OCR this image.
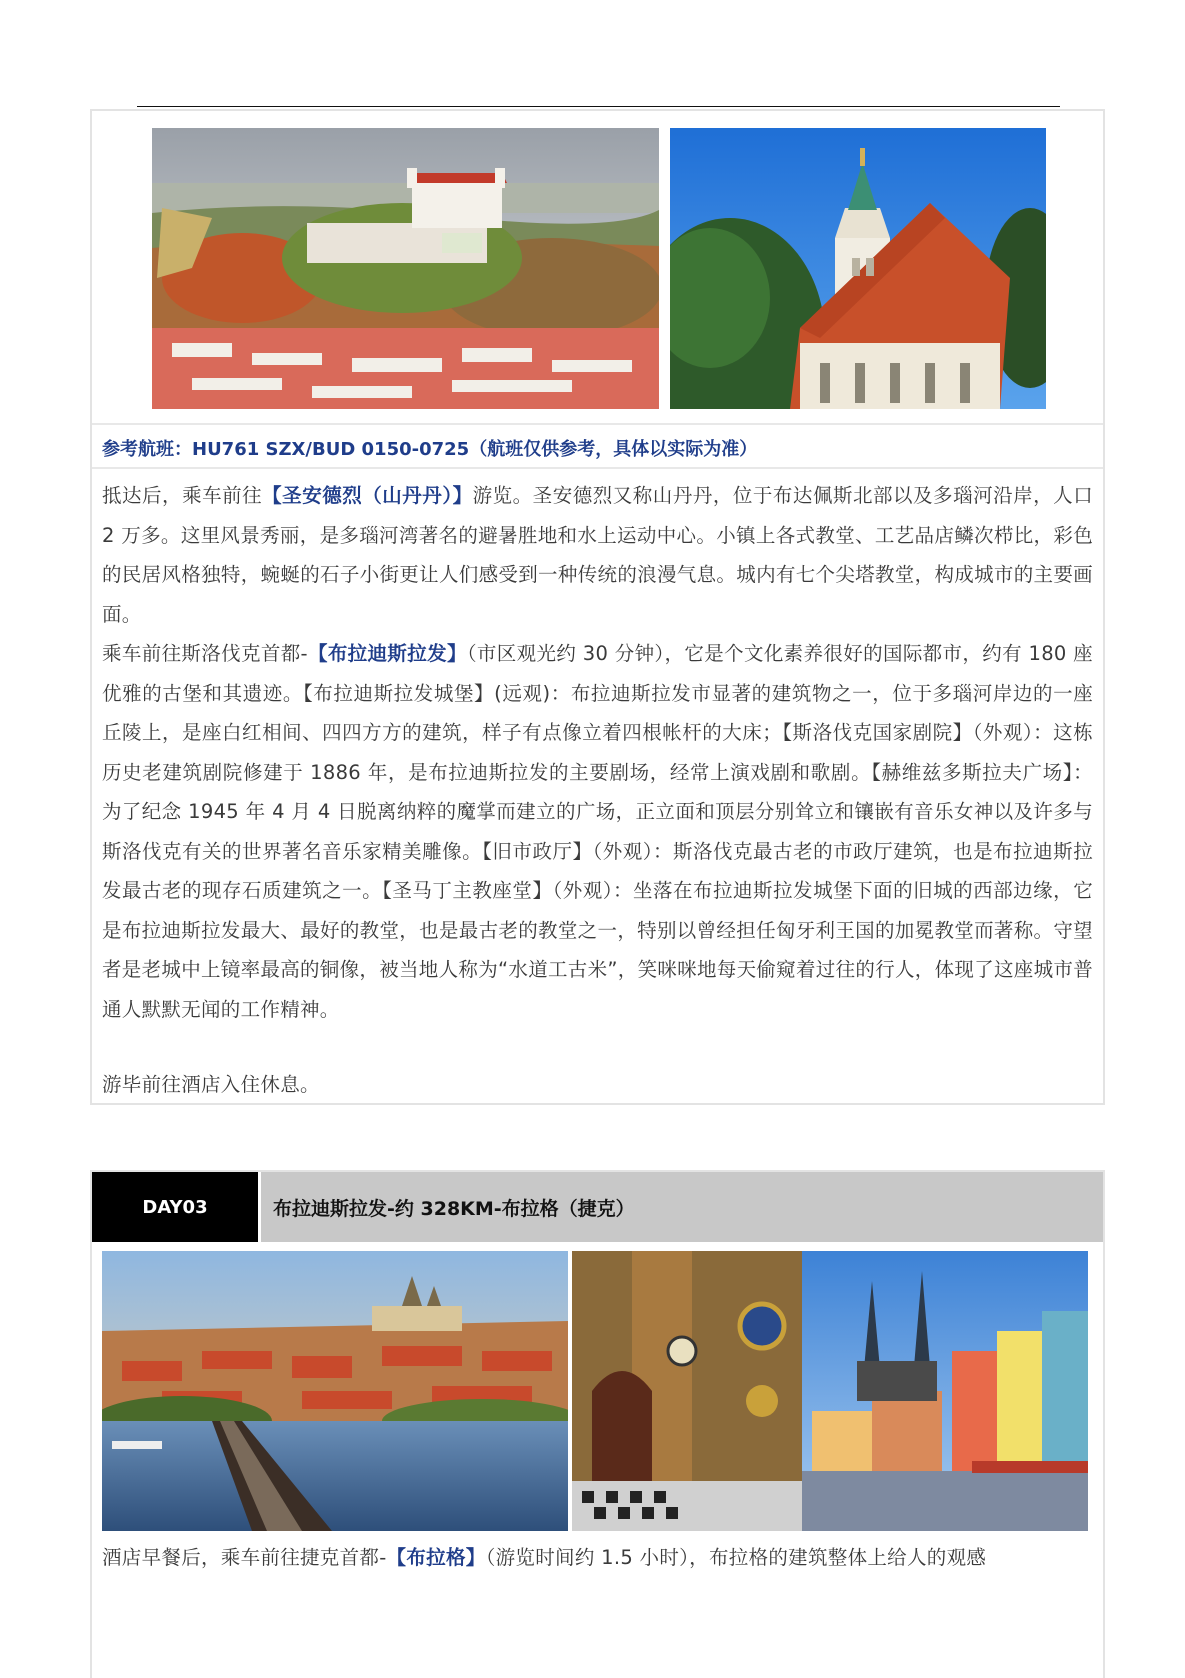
参考航班：HU761 SZX/BUD 0150-0725（航班仅供参考，具体以实际为准）
抵达后，乘车前往【圣安德烈（山丹丹）】游览。圣安德烈又称山丹丹，位于布达佩斯北部以及多瑙河沿岸，人口 2 万多。这里风景秀丽，是多瑙河湾著名的避暑胜地和水上运动中心。小镇上各式教堂、工艺品店鳞次栉比，彩色的民居风格独特，蜿蜒的石子小街更让人们感受到一种传统的浪漫气息。城内有七个尖塔教堂，构成城市的主要画面。
乘车前往斯洛伐克首都-【布拉迪斯拉发】（市区观光约 30 分钟），它是个文化素养很好的国际都市，约有 180 座优雅的古堡和其遗迹。【布拉迪斯拉发城堡】(远观)：布拉迪斯拉发市显著的建筑物之一，位于多瑙河岸边的一座丘陵上，是座白红相间、四四方方的建筑，样子有点像立着四根帐杆的大床；【斯洛伐克国家剧院】（外观）：这栋历史老建筑剧院修建于 1886 年，是布拉迪斯拉发的主要剧场，经常上演戏剧和歌剧。【赫维兹多斯拉夫广场】：为了纪念 1945 年 4 月 4 日脱离纳粹的魔掌而建立的广场，正立面和顶层分别耸立和镶嵌有音乐女神以及许多与斯洛伐克有关的世界著名音乐家精美雕像。【旧市政厅】（外观）：斯洛伐克最古老的市政厅建筑，也是布拉迪斯拉发最古老的现存石质建筑之一。【圣马丁主教座堂】（外观）：坐落在布拉迪斯拉发城堡下面的旧城的西部边缘，它是布拉迪斯拉发最大、最好的教堂，也是最古老的教堂之一，特别以曾经担任匈牙利王国的加冕教堂而著称。守望者是老城中上镜率最高的铜像，被当地人称为“水道工古米”，笑咪咪地每天偷窥着过往的行人，体现了这座城市普通人默默无闻的工作精神。
游毕前往酒店入住休息。
DAY03	布拉迪斯拉发-约 328KM-布拉格（捷克）
酒店早餐后，乘车前往捷克首都-【布拉格】（游览时间约 1.5 小时），布拉格的建筑整体上给人的观感
